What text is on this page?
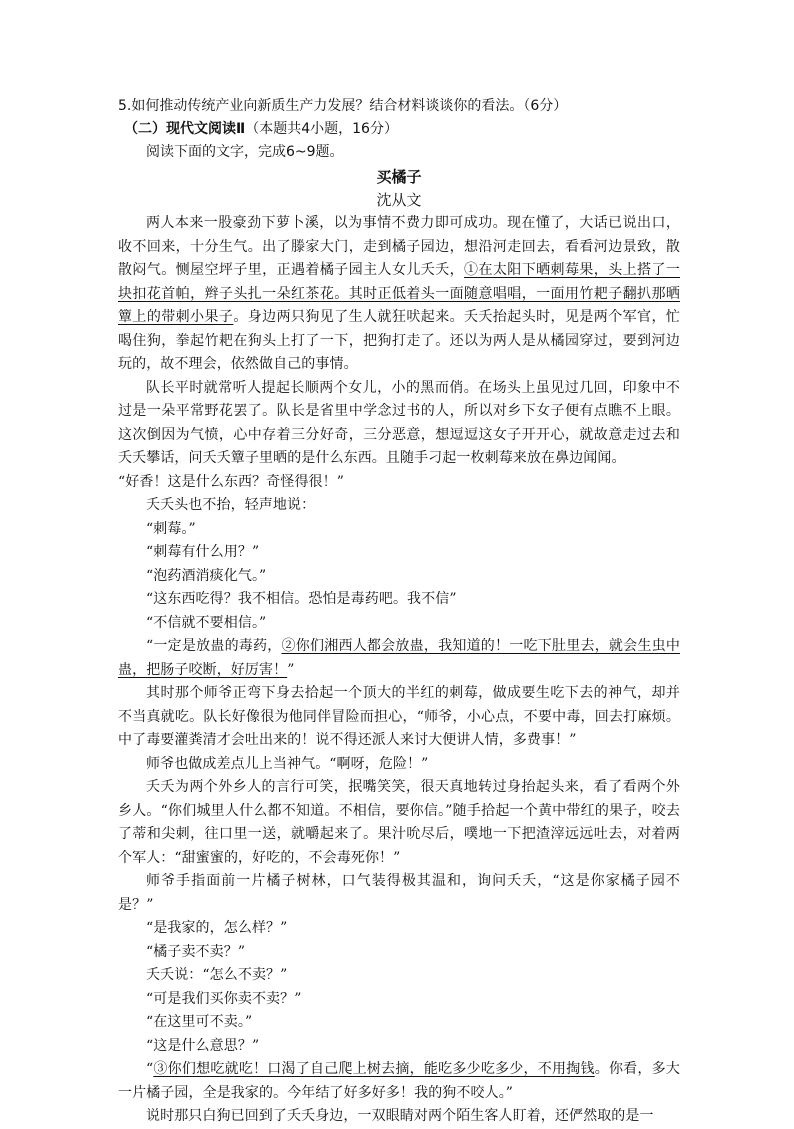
5.如何推动传统产业向新质生产力发展？结合材料谈谈你的看法。（6分）

（二）现代文阅读Ⅱ（本题共4小题，16分）

阅读下面的文字，完成6~9题。

买橘子

沈从文

两人本来一股豪劲下萝卜溪，以为事情不费力即可成功。现在懂了，大话已说出口，收不回来，十分生气。出了滕家大门，走到橘子园边，想沿河走回去，看看河边景致，散散闷气。恻屋空坪子里，正遇着橘子园主人女儿夭夭，①在太阳下晒刺莓果，头上搭了一块扣花首帕，辫子头扎一朵红茶花。其时正低着头一面随意唱唱，一面用竹耙子翻扒那晒簟上的带刺小果子。身边两只狗见了生人就狂吠起来。夭夭抬起头时，见是两个军官，忙喝住狗，拳起竹耙在狗头上打了一下，把狗打走了。还以为两人是从橘园穿过，要到河边玩的，故不理会，依然做自己的事情。

队长平时就常听人提起长顺两个女儿，小的黑而俏。在场头上虽见过几回，印象中不过是一朵平常野花罢了。队长是省里中学念过书的人，所以对乡下女子便有点瞧不上眼。这次倒因为气愤，心中存着三分好奇，三分恶意，想逗逗这女子开开心，就故意走过去和夭夭攀话，问夭夭簟子里晒的是什么东西。且随手刁起一枚刺莓来放在鼻边闻闻。

“好香！这是什么东西？奇怪得很！”

夭夭头也不抬，轻声地说：

“刺莓。”

“刺莓有什么用？”

“泡药酒消痰化气。”

“这东西吃得？我不相信。恐怕是毒药吧。我不信”

“不信就不要相信。”

“一定是放蛊的毒药，②你们湘西人都会放蛊，我知道的！一吃下肚里去，就会生虫中蛊，把肠子咬断，好厉害！”

其时那个师爷正弯下身去拾起一个顶大的半红的刺莓，做成要生吃下去的神气，却并不当真就吃。队长好像很为他同伴冒险而担心，“师爷，小心点，不要中毒，回去打麻烦。中了毒要灌粪清才会吐出来的！说不得还派人来讨大便讲人情，多费事！”

师爷也做成差点儿上当神气。“啊呀，危险！”

夭夭为两个外乡人的言行可笑，抿嘴笑笑，很天真地转过身抬起头来，看了看两个外乡人。“你们城里人什么都不知道。不相信，要你信。”随手拾起一个黄中带红的果子，咬去了蒂和尖刺，往口里一送，就嚼起来了。果汁吮尽后，噗地一下把渣滓远远吐去，对着两个军人：“甜蜜蜜的，好吃的，不会毒死你！”

师爷手指面前一片橘子树林，口气装得极其温和，询问夭夭，“这是你家橘子园不是？”

“是我家的，怎么样？”

“橘子卖不卖？”

夭夭说：“怎么不卖？”

“可是我们买你卖不卖？”

“在这里可不卖。”

“这是什么意思？”

“③你们想吃就吃！口渴了自己爬上树去摘，能吃多少吃多少，不用掏钱。你看，多大一片橘子园，全是我家的。今年结了好多好多！我的狗不咬人。”

说时那只白狗已回到了夭夭身边，一双眼睛对两个陌生客人盯着，还俨然取的是一
